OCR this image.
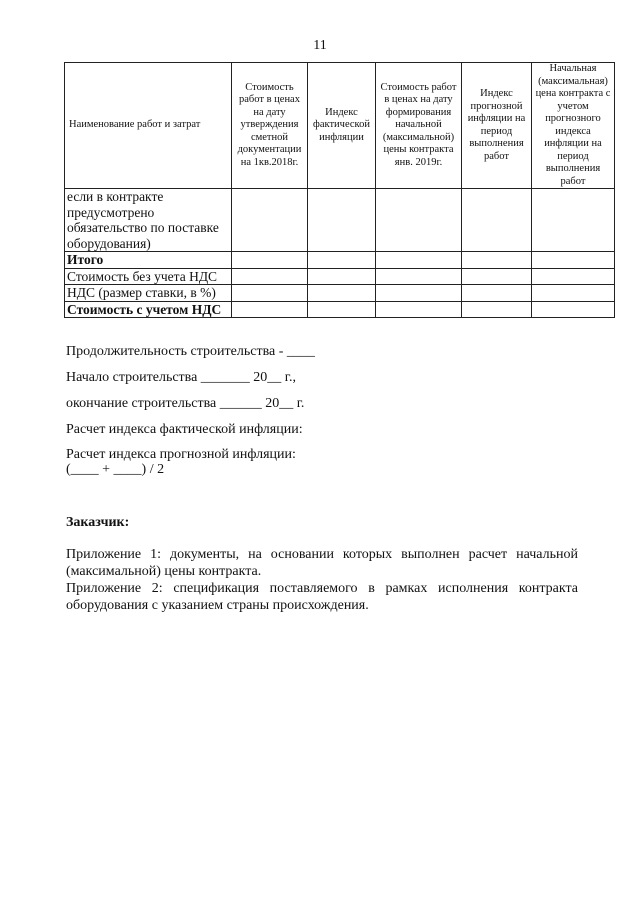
11
Наименование работ и затрат	Стоимость работ в ценах на дату утверждения сметной документации на 1кв.2018г.	Индекс фактической инфляции	Стоимость работ в ценах на дату формирования начальной (максимальной) цены контракта янв. 2019г.	Индекс прогнозной инфляции на период выполнения работ	Начальная (максимальная) цена контракта с учетом прогнозного индекса инфляции на период выполнения работ
если в контракте предусмотрено обязательство по поставке оборудования)					
Итого					
Стоимость без учета НДС					
НДС (размер ставки, в %)					
Стоимость с учетом НДС					

Продолжительность строительства - ____

Начало строительства _______ 20__ г.,

окончание строительства ______ 20__ г.

Расчет индекса фактической инфляции:

Расчет индекса прогнозной инфляции:

(____ + ____) / 2

Заказчик:

Приложение 1: документы, на основании которых выполнен расчет начальной (максимальной) цены контракта.

Приложение 2: спецификация поставляемого в рамках исполнения контракта оборудования с указанием страны происхождения.
